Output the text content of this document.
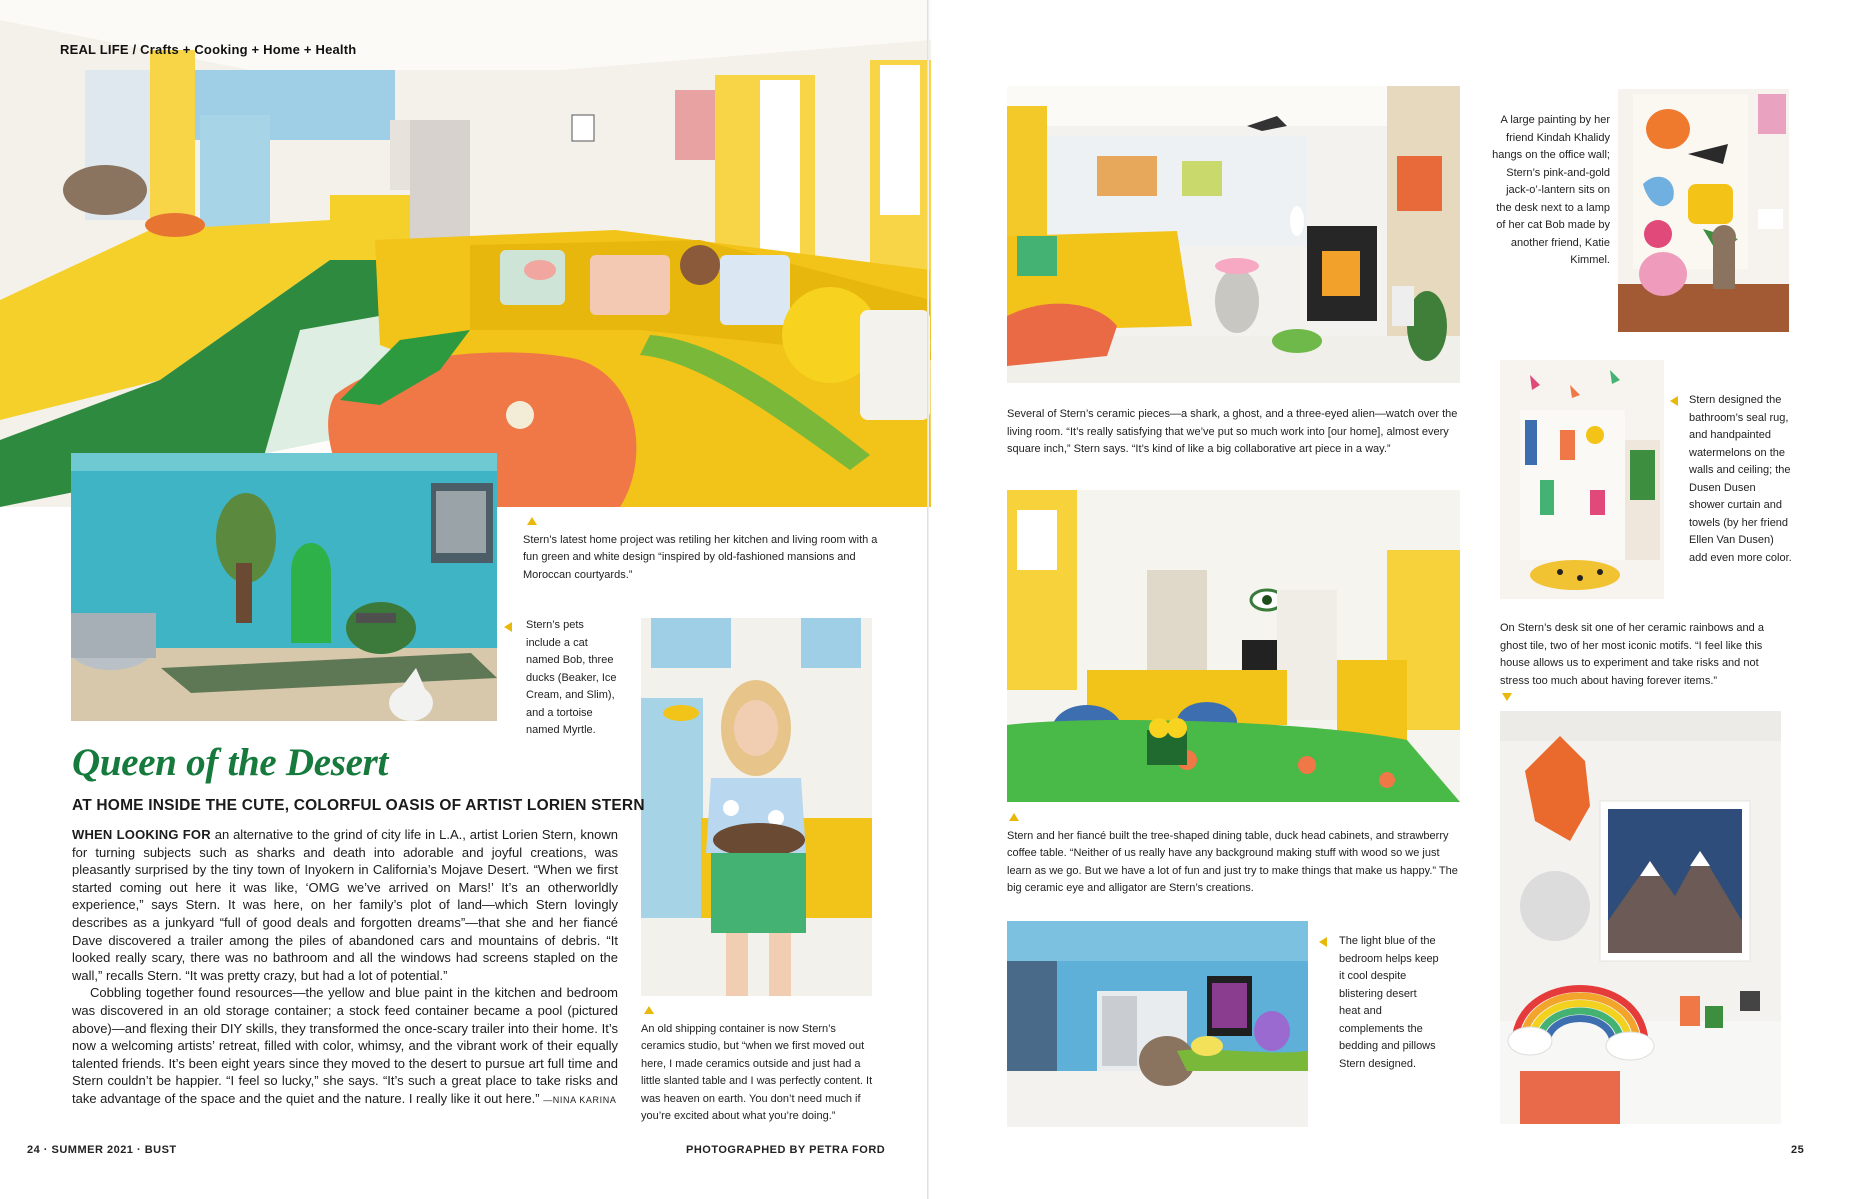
REAL LIFE / Crafts + Cooking + Home + Health

Stern’s latest home project was retiling her kitchen and living room with a fun green and white design “inspired by old-fashioned mansions and Moroccan courtyards.”
Stern’s pets include a cat named Bob, three ducks (Beaker, Ice Cream, and Slim), and a tortoise named Myrtle.
Queen of the Desert
AT HOME INSIDE THE CUTE, COLORFUL OASIS OF ARTIST LORIEN STERN

WHEN LOOKING FOR an alternative to the grind of city life in L.A., artist Lorien Stern, known for turning subjects such as sharks and death into adorable and joyful creations, was pleasantly surprised by the tiny town of Inyokern in California’s Mojave Desert. “When we first started coming out here it was like, ‘OMG we’ve arrived on Mars!’ It’s an otherworldly experience,” says Stern. It was here, on her family’s plot of land—which Stern lovingly describes as a junkyard “full of good deals and forgotten dreams”—that she and her fiancé Dave discovered a trailer among the piles of abandoned cars and mountains of debris. “It looked really scary, there was no bathroom and all the windows had screens stapled on the wall,” recalls Stern. “It was pretty crazy, but had a lot of potential.”

Cobbling together found resources—the yellow and blue paint in the kitchen and bedroom was discovered in an old storage container; a stock feed container became a pool (pictured above)—and flexing their DIY skills, they transformed the once-scary trailer into their home. It’s now a welcoming artists’ retreat, filled with color, whimsy, and the vibrant work of their equally talented friends. It’s been eight years since they moved to the desert to pursue art full time and Stern couldn’t be happier. “I feel so lucky,” she says. “It’s such a great place to take risks and take advantage of the space and the quiet and the nature. I really like it out here.” —NINA KARINA

An old shipping container is now Stern’s ceramics studio, but “when we first moved out here, I made ceramics outside and just had a little slanted table and I was perfectly content. It was heaven on earth. You don’t need much if you’re excited about what you’re doing.”
24 · SUMMER 2021 · BUST	PHOTOGRAPHED BY PETRA FORD
Several of Stern’s ceramic pieces—a shark, a ghost, and a three-eyed alien—watch over the living room. “It’s really satisfying that we’ve put so much work into [our home], almost every square inch,” Stern says. “It’s kind of like a big collaborative art piece in a way.”

Stern and her fiancé built the tree-shaped dining table, duck head cabinets, and strawberry coffee table. “Neither of us really have any background making stuff with wood so we just learn as we go. But we have a lot of fun and just try to make things that make us happy.” The big ceramic eye and alligator are Stern’s creations.
The light blue of the bedroom helps keep it cool despite blistering desert heat and complements the bedding and pillows Stern designed.
A large painting by her friend Kindah Khalidy hangs on the office wall; Stern’s pink-and-gold jack-o’-lantern sits on the desk next to a lamp of her cat Bob made by another friend, Katie Kimmel.
Stern designed the bathroom’s seal rug, and handpainted watermelons on the walls and ceiling; the Dusen Dusen shower curtain and towels (by her friend Ellen Van Dusen) add even more color.
On Stern’s desk sit one of her ceramic rainbows and a ghost tile, two of her most iconic motifs. “I feel like this house allows us to experiment and take risks and not stress too much about having forever items.”

25
